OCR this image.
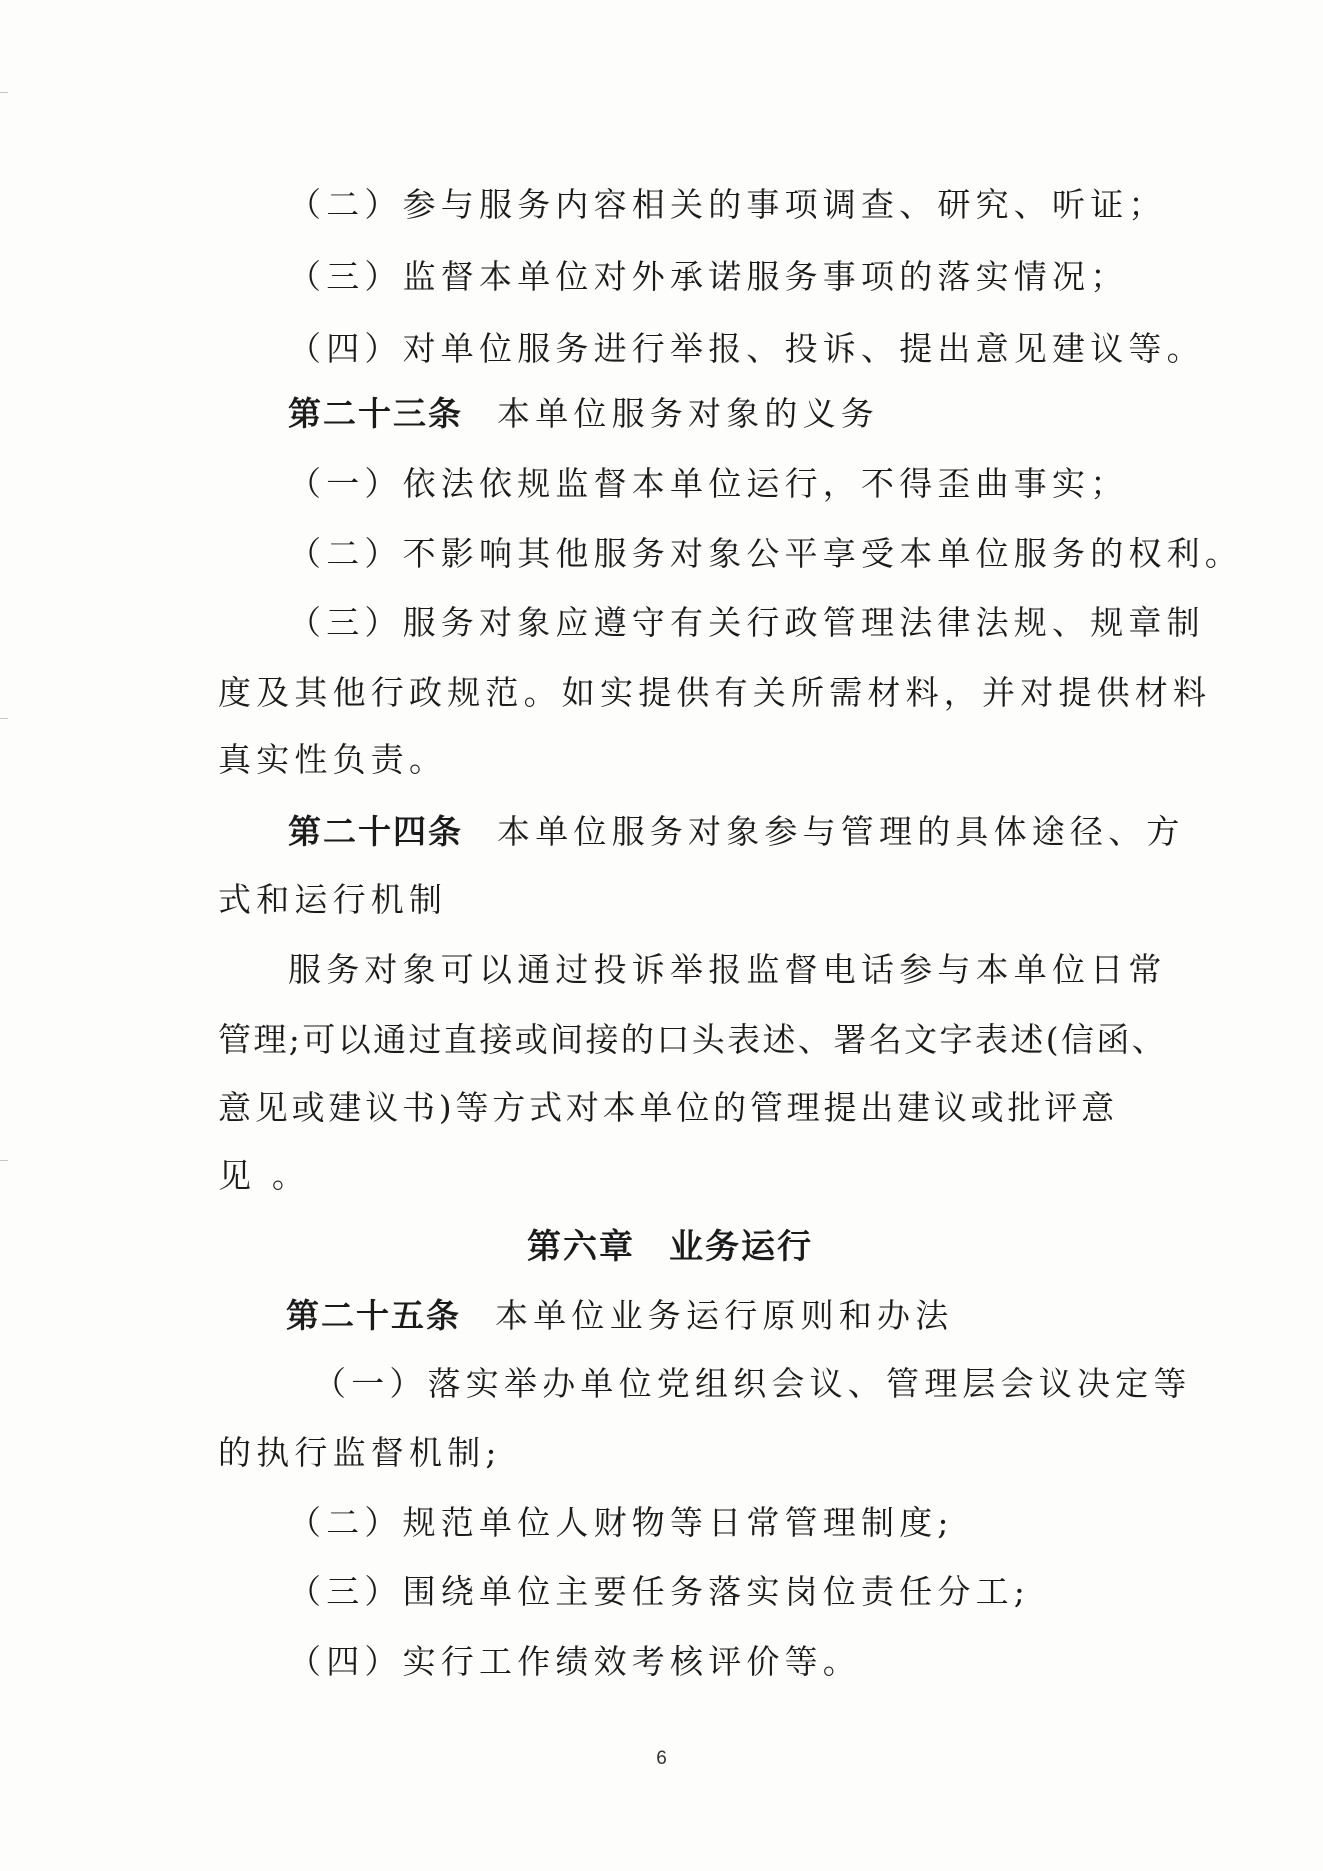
（二）参与服务内容相关的事项调查、研究、听证；
（三）监督本单位对外承诺服务事项的落实情况；
（四）对单位服务进行举报、投诉、提出意见建议等。
第二十三条 本单位服务对象的义务
（一）依法依规监督本单位运行，不得歪曲事实；
（二）不影响其他服务对象公平享受本单位服务的权利。
（三）服务对象应遵守有关行政管理法律法规、规章制
度及其他行政规范。如实提供有关所需材料，并对提供材料
真实性负责。
第二十四条 本单位服务对象参与管理的具体途径、方
式和运行机制
服务对象可以通过投诉举报监督电话参与本单位日常
管理;可以通过直接或间接的口头表述、署名文字表述(信函、
意见或建议书)等方式对本单位的管理提出建议或批评意
见 。
第六章 业务运行
第二十五条 本单位业务运行原则和办法
（一）落实举办单位党组织会议、管理层会议决定等
的执行监督机制;
（二）规范单位人财物等日常管理制度;
（三）围绕单位主要任务落实岗位责任分工;
（四）实行工作绩效考核评价等。
6
